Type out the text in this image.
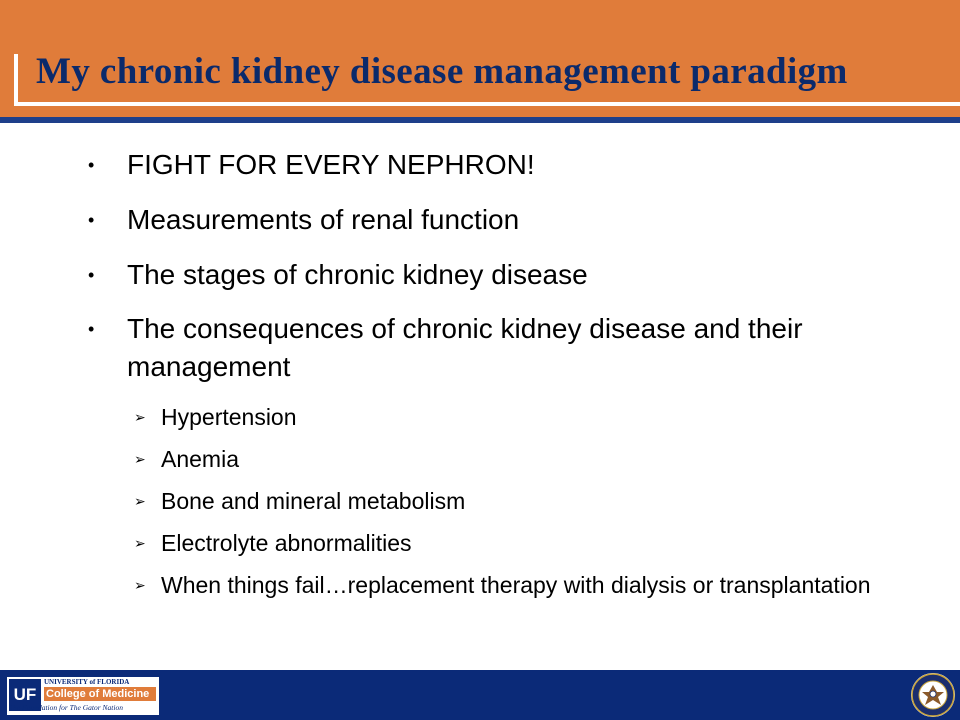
My chronic kidney disease management paradigm
• FIGHT FOR EVERY NEPHRON!
• Measurements of renal function
• The stages of chronic kidney disease
• The consequences of chronic kidney disease and their management
➢ Hypertension
➢ Anemia
➢ Bone and mineral metabolism
➢ Electrolyte abnormalities
➢ When things fail…replacement therapy with dialysis or transplantation
UF
UNIVERSITY of FLORIDA
College of Medicine
The Foundation for The Gator Nation
